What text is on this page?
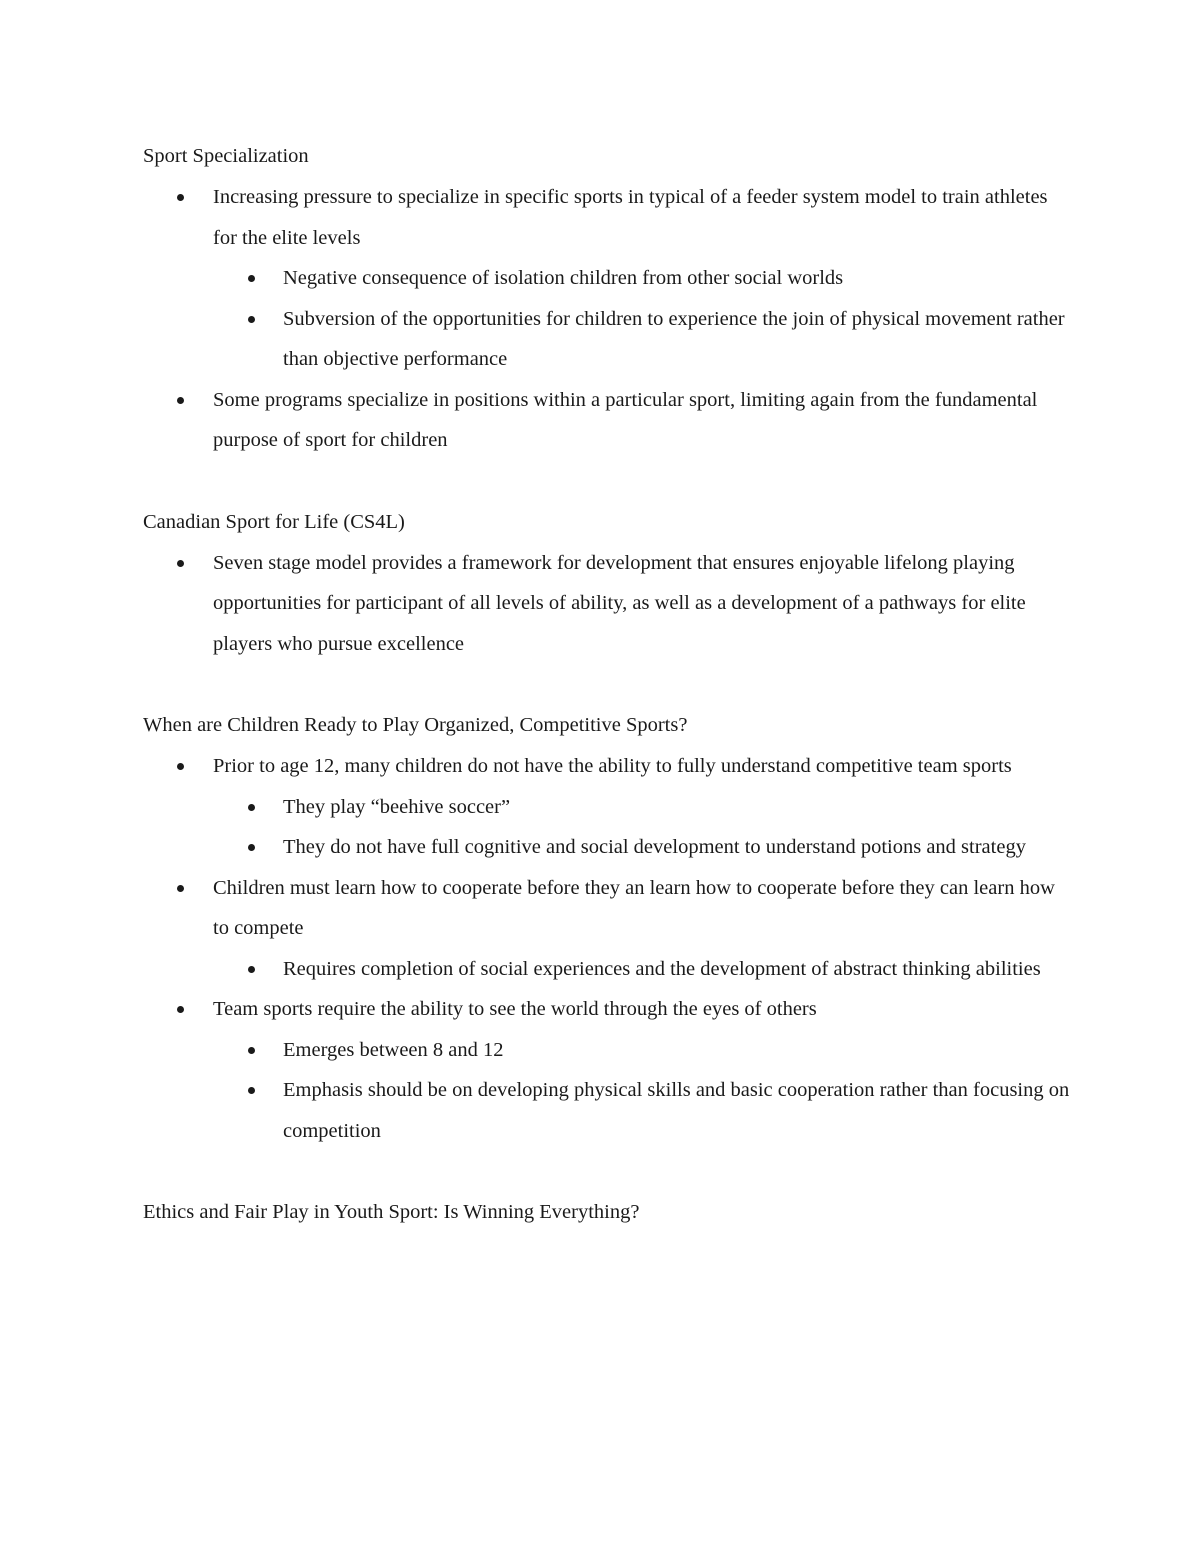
Sport Specialization
Increasing pressure to specialize in specific sports in typical of a feeder system model to train athletes for the elite levels
Negative consequence of isolation children from other social worlds
Subversion of the opportunities for children to experience the join of physical movement rather than objective performance
Some programs specialize in positions within a particular sport, limiting again from the fundamental purpose of sport for children
Canadian Sport for Life (CS4L)
Seven stage model provides a framework for development that ensures enjoyable lifelong playing opportunities for participant of all levels of ability, as well as a development of a pathways for elite players who pursue excellence
When are Children Ready to Play Organized, Competitive Sports?
Prior to age 12, many children do not have the ability to fully understand competitive team sports
They play “beehive soccer”
They do not have full cognitive and social development to understand potions and strategy
Children must learn how to cooperate before they an learn how to cooperate before they can learn how to compete
Requires completion of social experiences and the development of abstract thinking abilities
Team sports require the ability to see the world through the eyes of others
Emerges between 8 and 12
Emphasis should be on developing physical skills and basic cooperation rather than focusing on competition
Ethics and Fair Play in Youth Sport: Is Winning Everything?
